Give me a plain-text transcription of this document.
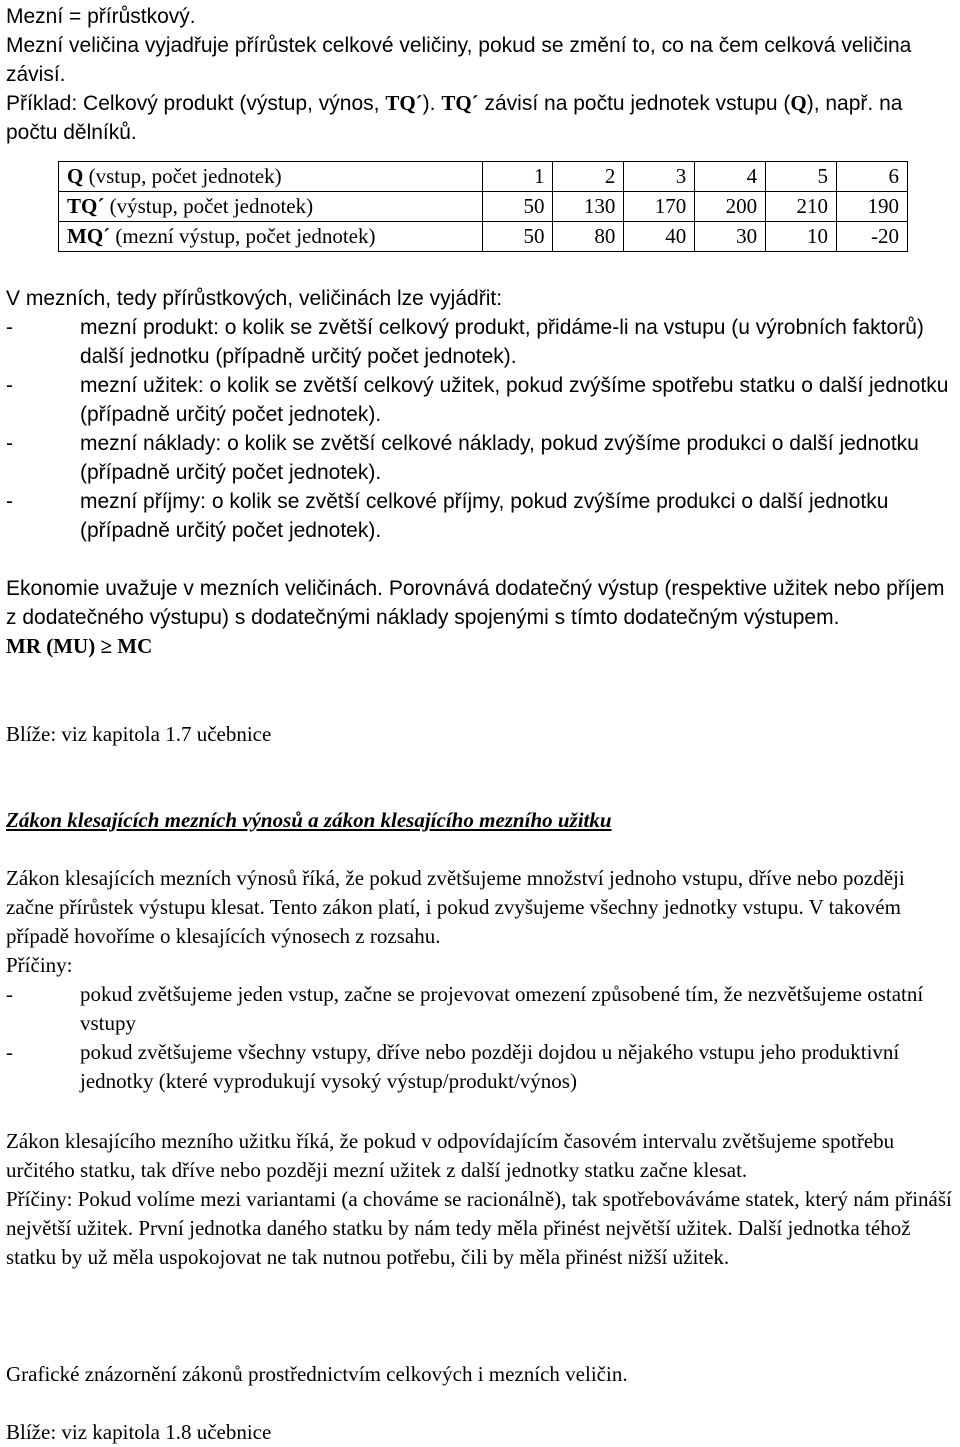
Mezní = přírůstkový.

Mezní veličina vyjadřuje přírůstek celkové veličiny, pokud se změní to, co na čem celková veličina závisí.

Příklad: Celkový produkt (výstup, výnos, TQ´). TQ´ závisí na počtu jednotek vstupu (Q), např. na počtu dělníků.

Q (vstup, počet jednotek)	1	2	3	4	5	6
TQ´ (výstup, počet jednotek)	50	130	170	200	210	190
MQ´ (mezní výstup, počet jednotek)	50	80	40	30	10	-20

V mezních, tedy přírůstkových, veličinách lze vyjádřit:

-	mezní produkt: o kolik se zvětší celkový produkt, přidáme-li na vstupu (u výrobních faktorů) další jednotku (případně určitý počet jednotek).

-	mezní užitek: o kolik se zvětší celkový užitek, pokud zvýšíme spotřebu statku o další jednotku (případně určitý počet jednotek).

-	mezní náklady: o kolik se zvětší celkové náklady, pokud zvýšíme produkci o další jednotku (případně určitý počet jednotek).

-	mezní příjmy: o kolik se zvětší celkové příjmy, pokud zvýšíme produkci o další jednotku (případně určitý počet jednotek).

Ekonomie uvažuje v mezních veličinách. Porovnává dodatečný výstup (respektive užitek nebo příjem z dodatečného výstupu) s dodatečnými náklady spojenými s tímto dodatečným výstupem.

MR (MU) ≥ MC

Blíže: viz kapitola 1.7 učebnice

Zákon klesajících mezních výnosů a zákon klesajícího mezního užitku

Zákon klesajících mezních výnosů říká, že pokud zvětšujeme množství jednoho vstupu, dříve nebo později začne přírůstek výstupu klesat. Tento zákon platí, i pokud zvyšujeme všechny jednotky vstupu. V takovém případě hovoříme o klesajících výnosech z rozsahu.

Příčiny:

-	pokud zvětšujeme jeden vstup, začne se projevovat omezení způsobené tím, že nezvětšujeme ostatní vstupy

-	pokud zvětšujeme všechny vstupy, dříve nebo později dojdou u nějakého vstupu jeho produktivní jednotky (které vyprodukují vysoký výstup/produkt/výnos)

Zákon klesajícího mezního užitku říká, že pokud v odpovídajícím časovém intervalu zvětšujeme spotřebu určitého statku, tak dříve nebo později mezní užitek z další jednotky statku začne klesat.

Příčiny: Pokud volíme mezi variantami (a chováme se racionálně), tak spotřebováváme statek, který nám přináší největší užitek. První jednotka daného statku by nám tedy měla přinést největší užitek. Další jednotka téhož statku by už měla uspokojovat ne tak nutnou potřebu, čili by měla přinést nižší užitek.

Grafické znázornění zákonů prostřednictvím celkových i mezních veličin.

Blíže: viz kapitola 1.8 učebnice
